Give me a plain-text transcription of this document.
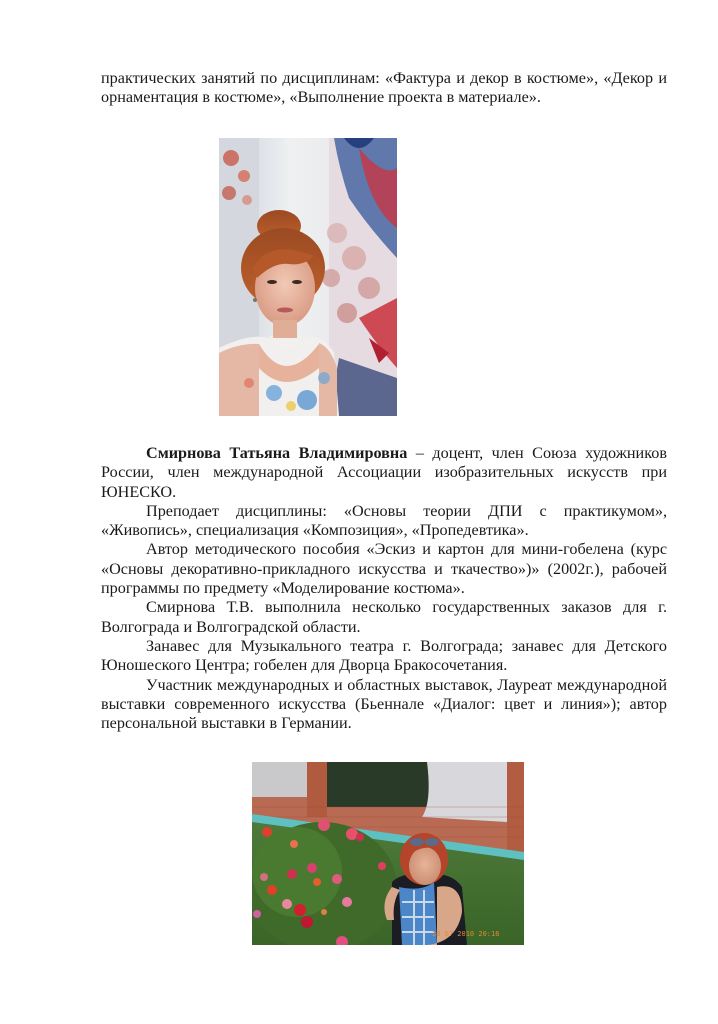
практических занятий по дисциплинам: «Фактура и декор в костюме», «Декор и орнаментация в костюме», «Выполнение проекта в материале».

Смирнова Татьяна Владимировна – доцент, член Союза художников России, член международной Ассоциации изобразительных искусств при ЮНЕСКО.

Преподает дисциплины: «Основы теории ДПИ с практикумом», «Живопись», специализация «Композиция», «Пропедевтика».

Автор методического пособия «Эскиз и картон для мини-гобелена (курс «Основы декоративно-прикладного искусства и ткачество»)» (2002г.), рабочей программы по предмету «Моделирование костюма».

Смирнова Т.В. выполнила несколько государственных заказов для г. Волгограда и Волгоградской области.

Занавес для Музыкального театра г. Волгограда; занавес для Детского Юношеского Центра; гобелен для Дворца Бракосочетания.

Участник международных и областных выставок, Лауреат международной выставки современного искусства (Бьеннале «Диалог: цвет и линия»); автор персональной выставки в Германии.

28 07 2010 20:16
